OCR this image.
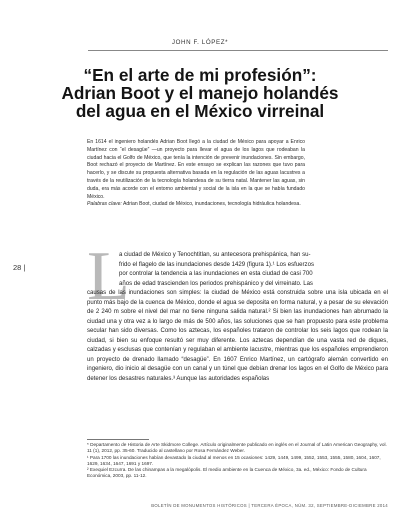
JOHN F. LÓPEZ*
“En el arte de mi profesión”:
Adrian Boot y el manejo holandés
del agua en el México virreinal

En 1614 el ingeniero holandés Adrian Boot llegó a la ciudad de México para apoyar a Enrico Martínez con “el desagüe” —un proyecto para llevar el agua de los lagos que rodeaban la ciudad hacia el Golfo de México, que tenía la intención de prevenir inundaciones. Sin embargo, Boot rechazó el proyecto de Martínez. En este ensayo se explican las razones que tuvo para hacerlo, y se discute su propuesta alternativa basada en la regulación de las aguas lacustres a través de la reutilización de la tecnología holandesa de su tierra natal. Mantener las aguas, sin duda, era más acorde con el entorno ambiental y social de la isla en la que se había fundado México.

Palabras clave: Adrian Boot, ciudad de México, inundaciones, tecnología hidráulica holandesa.

28 | L
a ciudad de México y Tenochtitlan, su antecesora prehispánica, han su-
frido el flagelo de las inundaciones desde 1429 (figura 1).¹ Los esfuerzos
por controlar la tendencia a las inundaciones en esta ciudad de casi 700
años de edad trascienden los periodos prehispánico y del virreinato. Las

causas de las inundaciones son simples: la ciudad de México está construida sobre una isla ubicada en el punto más bajo de la cuenca de México, donde el agua se deposita en forma natural, y a pesar de su elevación de 2 240 m sobre el nivel del mar no tiene ninguna salida natural.² Si bien las inundaciones han abrumado la ciudad una y otra vez a lo largo de más de 500 años, las soluciones que se han propuesto para este problema secular han sido diversas. Como los aztecas, los españoles trataron de controlar los seis lagos que rodean la ciudad, si bien su enfoque resultó ser muy diferente. Los aztecas dependían de una vasta red de diques, calzadas y esclusas que contenían y regulaban el ambiente lacustre, mientras que los españoles emprendieron un proyecto de drenado llamado “desagüe”. En 1607 Enrico Martínez, un cartógrafo alemán convertido en ingeniero, dio inicio al desagüe con un canal y un túnel que debían drenar los lagos en el Golfo de México para detener los desastres naturales.³ Aunque las autoridades españolas

* Departamento de Historia de Arte Skidmore College. Artículo originalmente publicado en inglés en el Journal of Latin American Geography, vol. 11 (1), 2012, pp. 35-60. Traducido al castellano por Rosa Fernández Weber.

¹ Para 1700 las inundaciones habían devastado la ciudad al menos en 15 ocasiones: 1429, 1449, 1499, 1552, 1553, 1555, 1580, 1604, 1607, 1629, 1634, 1647, 1691 y 1697.

² Exequiel Ezcurra. De las chinampas a la megalópolis. El medio ambiente en la Cuenca de México, 3a. ed., México: Fondo de Cultura Económica, 2003, pp. 11-12.

BOLETÍN DE MONUMENTOS HISTÓRICOS | TERCERA ÉPOCA, NÚM. 32, SEPTIEMBRE-DICIEMBRE 2014
